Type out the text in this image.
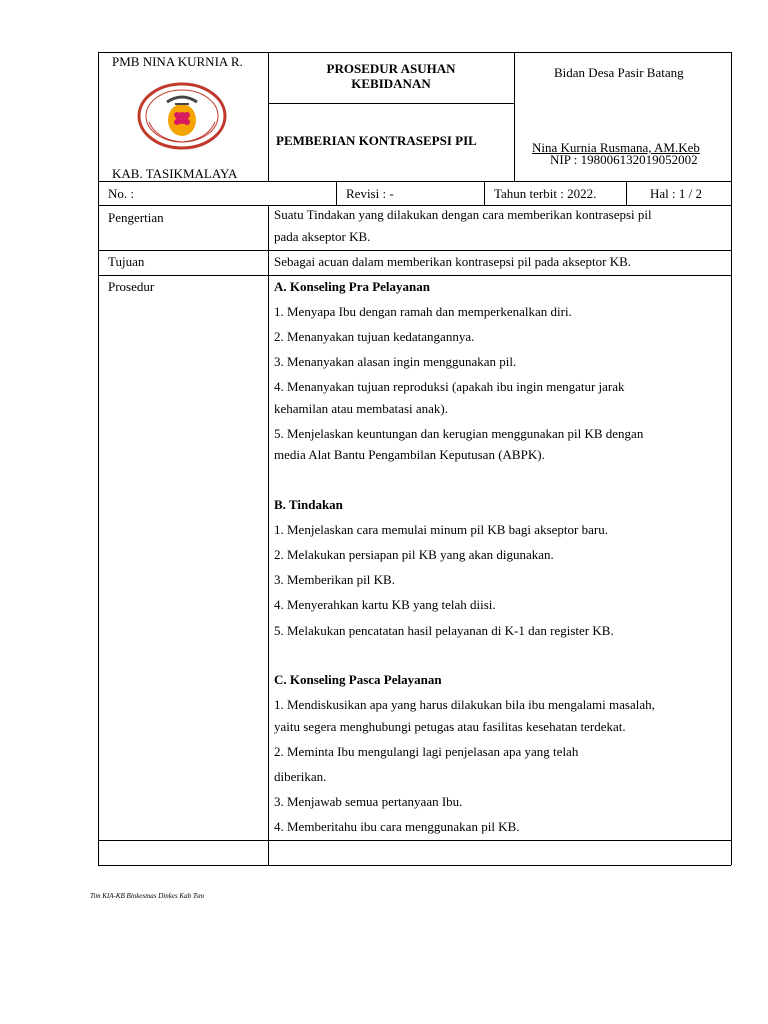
PMB NINA KURNIA R.
KAB. TASIKMALAYA
PROSEDUR ASUHAN
KEBIDANAN
PEMBERIAN KONTRASEPSI PIL
Bidan Desa Pasir Batang
Nina Kurnia Rusmana, AM.Keb
NIP : 198006132019052002
No. :	Revisi : -	Tahun terbit : 2022.	Hal : 1 / 2
Pengertian	Suatu Tindakan yang dilakukan dengan cara memberikan kontrasepsi pil
pada akseptor KB.
Tujuan	Sebagai acuan dalam memberikan kontrasepsi pil pada akseptor KB.
Prosedur	A. Konseling Pra Pelayanan
1. Menyapa Ibu dengan ramah dan memperkenalkan diri.
2. Menanyakan tujuan kedatangannya.
3. Menanyakan alasan ingin menggunakan pil.
4. Menanyakan tujuan reproduksi (apakah ibu ingin mengatur jarak
kehamilan atau membatasi anak).
5. Menjelaskan keuntungan dan kerugian menggunakan pil KB dengan
media Alat Bantu Pengambilan Keputusan (ABPK).
B. Tindakan
1. Menjelaskan cara memulai minum pil KB bagi akseptor baru.
2. Melakukan persiapan pil KB yang akan digunakan.
3. Memberikan pil KB.
4. Menyerahkan kartu KB yang telah diisi.
5. Melakukan pencatatan hasil pelayanan di K-1 dan register KB.
C. Konseling Pasca Pelayanan
1. Mendiskusikan apa yang harus dilakukan bila ibu mengalami masalah,
yaitu segera menghubungi petugas atau fasilitas kesehatan terdekat.
2. Meminta Ibu mengulangi lagi penjelasan apa yang telah
diberikan.
3. Menjawab semua pertanyaan Ibu.
4. Memberitahu ibu cara menggunakan pil KB.
Tim KIA-KB Binkesmas Dinkes Kab Tsm
